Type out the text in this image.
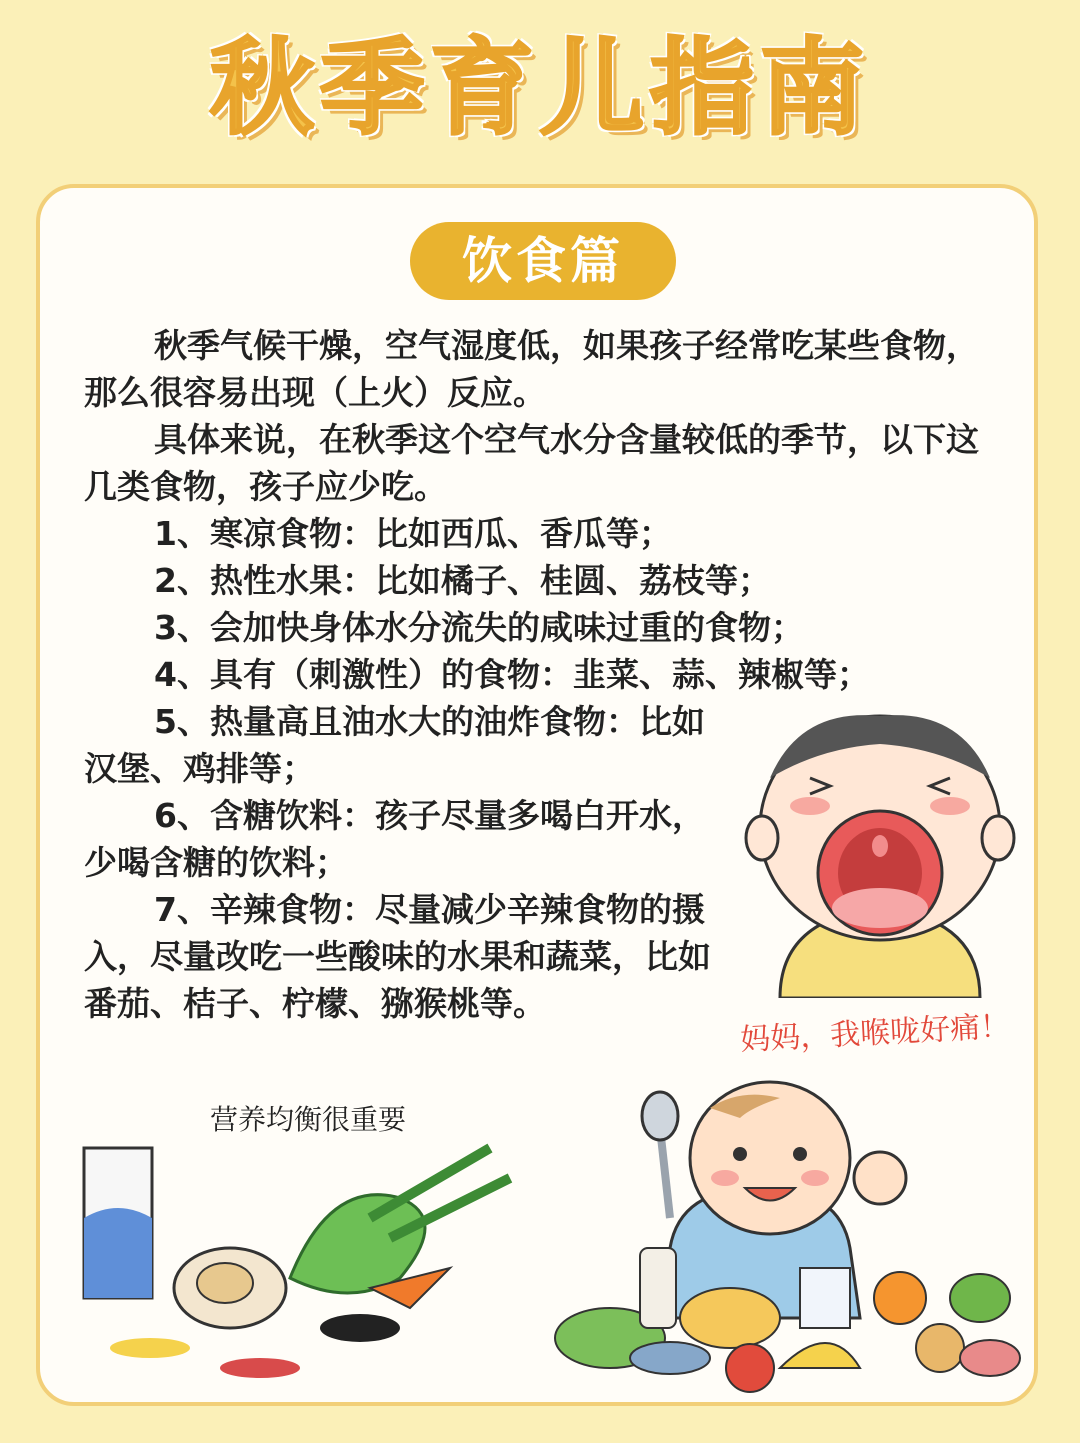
秋季育儿指南
饮食篇

秋季气候干燥，空气湿度低，如果孩子经常吃某些食物，那么很容易出现（上火）反应。

具体来说，在秋季这个空气水分含量较低的季节，以下这几类食物，孩子应少吃。

1、寒凉食物：比如西瓜、香瓜等；

2、热性水果：比如橘子、桂圆、荔枝等；

3、会加快身体水分流失的咸味过重的食物；

4、具有（刺激性）的食物：韭菜、蒜、辣椒等；

5、热量高且油水大的油炸食物：比如汉堡、鸡排等；

6、含糖饮料：孩子尽量多喝白开水，少喝含糖的饮料；

7、辛辣食物：尽量减少辛辣食物的摄入，尽量改吃一些酸味的水果和蔬菜，比如番茄、桔子、柠檬、猕猴桃等。

妈妈，我喉咙好痛！
营养均衡很重要
